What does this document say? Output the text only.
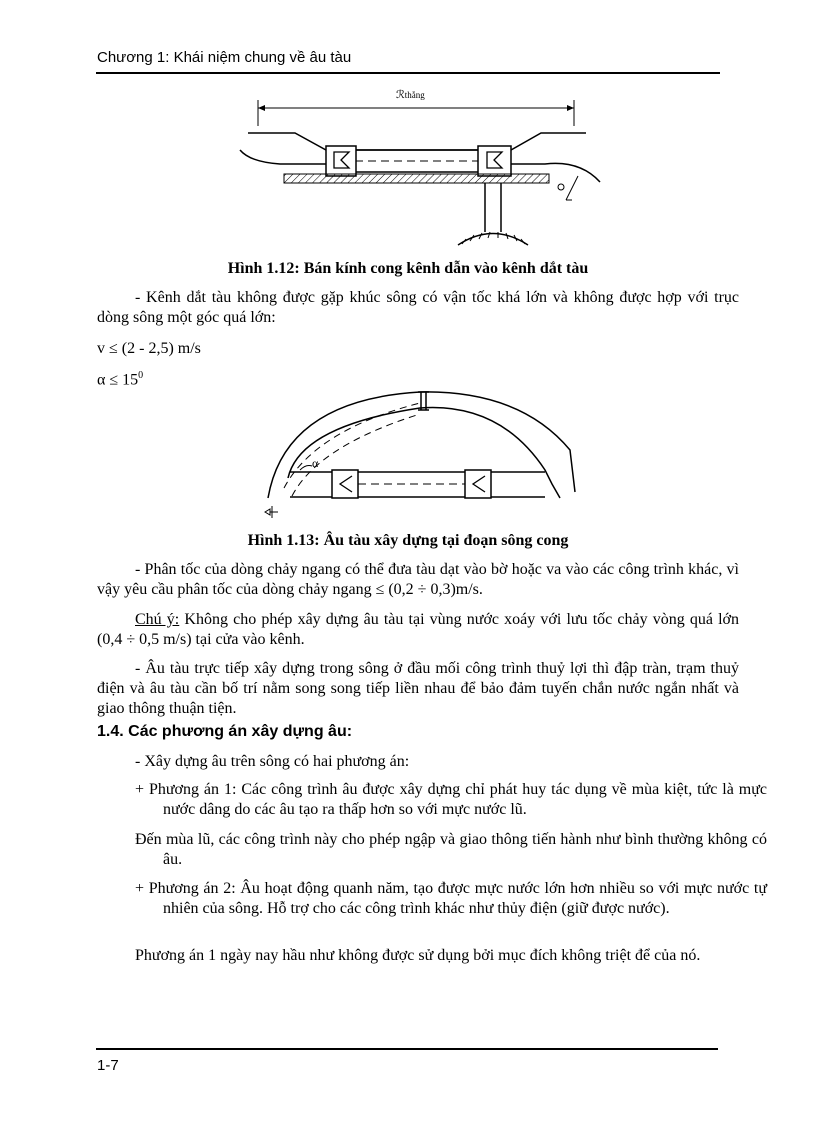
Chương 1: Khái niệm chung về âu tàu
ℛthẳng
Hình 1.12: Bán kính cong kênh dẫn vào kênh dắt tàu
- Kênh dắt tàu không được gặp khúc sông có vận tốc khá lớn và không được hợp với trục dòng sông một góc quá lớn:
v ≤ (2 - 2,5) m/s
$\alpha \le 15^0$
α
Hình 1.13: Âu tàu xây dựng tại đoạn sông cong
- Phân tốc của dòng chảy ngang có thể đưa tàu dạt vào bờ hoặc va vào các công trình khác, vì vậy yêu cầu phân tốc của dòng chảy ngang ≤ (0,2 ÷ 0,3)m/s.
Chú ý: Không cho phép xây dựng âu tàu tại vùng nước xoáy với lưu tốc chảy vòng quá lớn (0,4 ÷ 0,5 m/s) tại cửa vào kênh.
- Âu tàu trực tiếp xây dựng trong sông ở đầu mối công trình thuỷ lợi thì đập tràn, trạm thuỷ điện và âu tàu cần bố trí nằm song song tiếp liền nhau để bảo đảm tuyến chắn nước ngắn nhất và giao thông thuận tiện.
1.4. Các phương án xây dựng âu:
- Xây dựng âu trên sông có hai phương án:
+ Phương án 1: Các công trình âu được xây dựng chỉ phát huy tác dụng về mùa kiệt, tức là mực nước dâng do các âu tạo ra thấp hơn so với mực nước lũ.
Đến mùa lũ, các công trình này cho phép ngập và giao thông tiến hành như bình thường không có âu.
+ Phương án 2: Âu hoạt động quanh năm, tạo được mực nước lớn hơn nhiều so với mực nước tự nhiên của sông. Hỗ trợ cho các công trình khác như thủy điện (giữ được nước).
Phương án 1 ngày nay hầu như không được sử dụng bởi mục đích không triệt để của nó.
1-7
